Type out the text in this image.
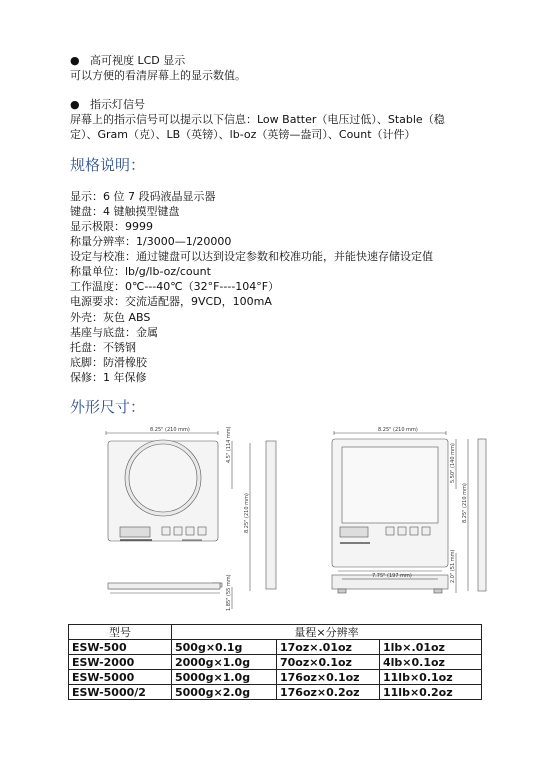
● 高可视度 LCD 显示
可以方便的看清屏幕上的显示数值。
● 指示灯信号
屏幕上的指示信号可以提示以下信息：Low Batter（电压过低）、Stable（稳
定）、Gram（克）、LB（英镑）、lb-oz（英镑—盎司）、Count（计件）
规格说明：
显示：6 位 7 段码液晶显示器
键盘：4 键触摸型键盘
显示极限：9999
称量分辨率：1/3000—1/20000
设定与校准：通过键盘可以达到设定参数和校准功能，并能快速存储设定值
称量单位：lb/g/lb-oz/count
工作温度：0℃---40℃（32°F----104°F）
电源要求：交流适配器，9VCD，100mA
外壳：灰色 ABS
基座与底盘：金属
托盘：不锈钢
底脚：防滑橡胶
保修：1 年保修
外形尺寸：
8.25" (210 mm)	4.5" (114 mm)
8.25" (210 mm)
1.85" (55 mm)
8.25" (210 mm)
7.75" (197 mm)
5.50" (140 mm)
8.25" (210 mm)
2.0" (51 mm)
型号	量程×分辨率		
ESW-500	500g×0.1g	17oz×.01oz	1lb×.01oz
ESW-2000	2000g×1.0g	70oz×0.1oz	4lb×0.1oz
ESW-5000	5000g×1.0g	176oz×0.1oz	11lb×0.1oz
ESW-5000/2	5000g×2.0g	176oz×0.2oz	11lb×0.2oz
